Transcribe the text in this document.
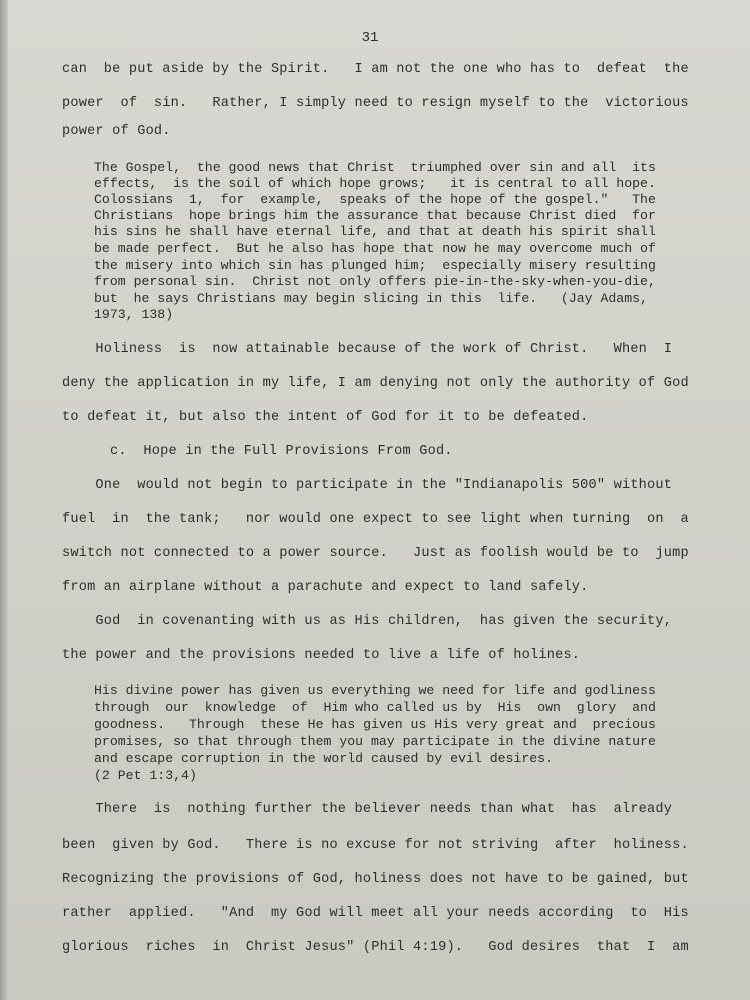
31
can  be put aside by the Spirit.   I am not the one who has to  defeat  the
power  of  sin.   Rather, I simply need to resign myself to the  victorious
power of God.
The Gospel,  the good news that Christ  triumphed over sin and all  its
effects,  is the soil of which hope grows;   it is central to all hope.
Colossians  1,  for  example,  speaks of the hope of the gospel."   The
Christians  hope brings him the assurance that because Christ died  for
his sins he shall have eternal life, and that at death his spirit shall
be made perfect.  But he also has hope that now he may overcome much of
the misery into which sin has plunged him;  especially misery resulting
from personal sin.  Christ not only offers pie-in-the-sky-when-you-die,
but  he says Christians may begin slicing in this  life.   (Jay Adams,
1973, 138)
Holiness  is  now attainable because of the work of Christ.   When  I
deny the application in my life, I am denying not only the authority of God
to defeat it, but also the intent of God for it to be defeated.
c.  Hope in the Full Provisions From God.
One  would not begin to participate in the "Indianapolis 500" without
fuel  in  the tank;   nor would one expect to see light when turning  on  a
switch not connected to a power source.   Just as foolish would be to  jump
from an airplane without a parachute and expect to land safely.
God  in covenanting with us as His children,  has given the security,
the power and the provisions needed to live a life of holines.
His divine power has given us everything we need for life and godliness
through  our  knowledge  of  Him who called us by  His  own  glory  and
goodness.   Through  these He has given us His very great and  precious
promises, so that through them you may participate in the divine nature
and escape corruption in the world caused by evil desires.
(2 Pet 1:3,4)
There  is  nothing further the believer needs than what  has  already
been  given by God.   There is no excuse for not striving  after  holiness.
Recognizing the provisions of God, holiness does not have to be gained, but
rather  applied.   "And  my God will meet all your needs according  to  His
glorious  riches  in  Christ Jesus" (Phil 4:19).   God desires  that  I  am
